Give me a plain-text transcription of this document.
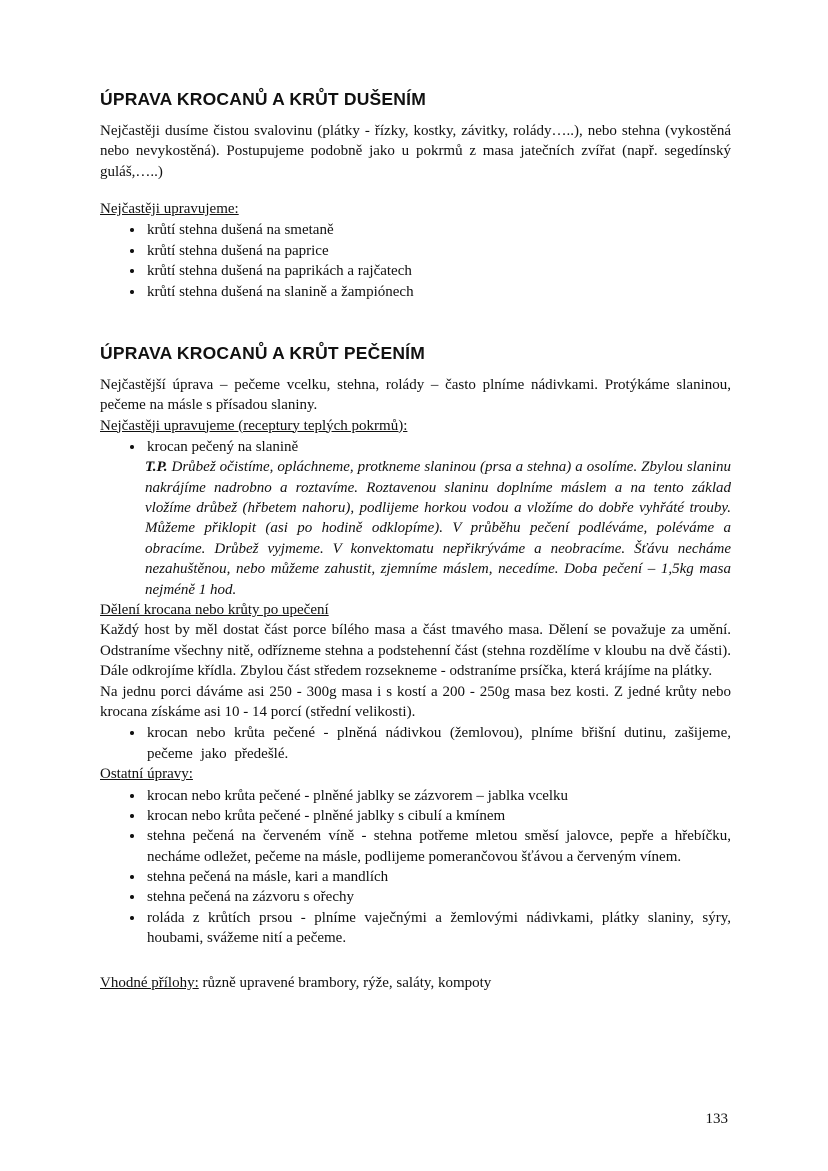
ÚPRAVA KROCANŮ A KRŮT DUŠENÍM

Nejčastěji dusíme čistou svalovinu (plátky - řízky, kostky, závitky, rolády…..), nebo stehna (vykostěná nebo nevykostěná). Postupujeme podobně jako u pokrmů z masa jatečních zvířat (např. segedínský guláš,…..)

Nejčastěji upravujeme:

• krůtí stehna dušená na smetaně
• krůtí stehna dušená na paprice
• krůtí stehna dušená na paprikách a rajčatech
• krůtí stehna dušená na slanině a žampiónech
ÚPRAVA KROCANŮ A KRŮT PEČENÍM

Nejčastější úprava – pečeme vcelku, stehna, rolády – často plníme nádivkami. Protýkáme slaninou, pečeme na másle s přísadou slaniny.

Nejčastěji upravujeme (receptury teplých pokrmů):

• krocan pečený na slanině
T.P. Drůbež očistíme, opláchneme, protkneme slaninou (prsa a stehna) a osolíme. Zbylou slaninu nakrájíme nadrobno a roztavíme. Roztavenou slaninu doplníme máslem a na tento základ vložíme drůbež (hřbetem nahoru), podlijeme horkou vodou a vložíme do dobře vyhřáté trouby. Můžeme přiklopit (asi po hodině odklopíme). V průběhu pečení podléváme, poléváme a obracíme. Drůbež vyjmeme. V konvektomatu nepřikrýváme a neobracíme. Šťávu necháme nezahuštěnou, nebo můžeme zahustit, zjemníme máslem, necedíme. Doba pečení – 1,5kg masa nejméně 1 hod.

Dělení krocana nebo krůty po upečení

Každý host by měl dostat část porce bílého masa a část tmavého masa. Dělení se považuje za umění. Odstraníme všechny nitě, odřízneme stehna a podstehenní část (stehna rozdělíme v kloubu na dvě části). Dále odkrojíme křídla. Zbylou část středem rozsekneme - odstraníme prsíčka, která krájíme na plátky.

Na jednu porci dáváme asi 250 - 300g masa i s kostí a 200 - 250g masa bez kosti. Z jedné krůty nebo krocana získáme asi 10 - 14 porcí (střední velikosti).

• krocan nebo krůta pečené - plněná nádivkou (žemlovou), plníme břišní dutinu, zašijeme, pečeme jako předešlé.

Ostatní úpravy:

• krocan nebo krůta pečené - plněné jablky se zázvorem – jablka vcelku
• krocan nebo krůta pečené - plněné jablky s cibulí a kmínem
• stehna pečená na červeném víně - stehna potřeme mletou směsí jalovce, pepře a hřebíčku, necháme odležet, pečeme na másle, podlijeme pomerančovou šťávou a červeným vínem.
• stehna pečená na másle, kari a mandlích
• stehna pečená na zázvoru s ořechy
• roláda z krůtích prsou - plníme vaječnými a žemlovými nádivkami, plátky slaniny, sýry, houbami, svážeme nití a pečeme.

Vhodné přílohy: různě upravené brambory, rýže, saláty, kompoty

133
